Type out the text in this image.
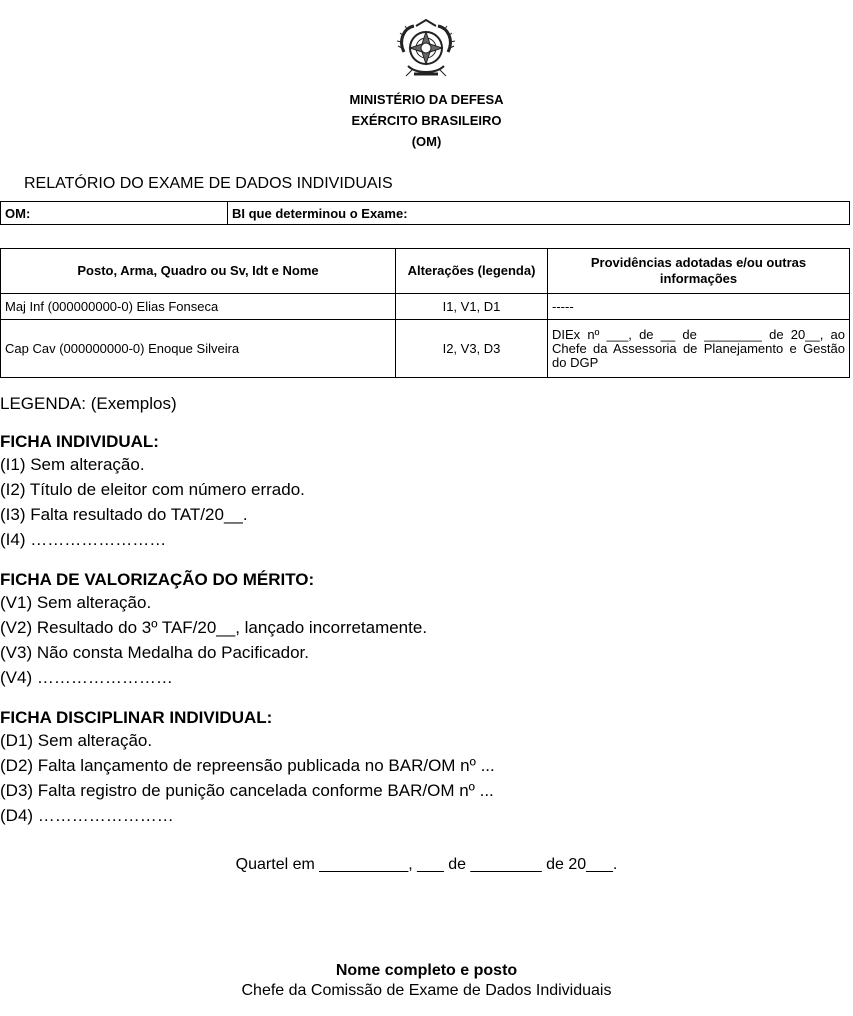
MINISTÉRIO DA DEFESA
EXÉRCITO BRASILEIRO
(OM)
RELATÓRIO DO EXAME DE DADOS INDIVIDUAIS
OM:	BI que determinou o Exame:
Posto, Arma, Quadro ou Sv, Idt e Nome	Alterações (legenda)	Providências adotadas e/ou outras informações
Maj Inf (000000000-0) Elias Fonseca	I1, V1, D1	-----
Cap Cav (000000000-0) Enoque Silveira	I2, V3, D3	DIEx nº ___, de __ de ________ de 20__, ao Chefe da Assessoria de Planejamento e Gestão do DGP
LEGENDA: (Exemplos)
FICHA INDIVIDUAL:
(I1) Sem alteração.
(I2) Título de eleitor com número errado.
(I3) Falta resultado do TAT/20__.
(I4) ……………………
FICHA DE VALORIZAÇÃO DO MÉRITO:
(V1) Sem alteração.
(V2) Resultado do 3º TAF/20__, lançado incorretamente.
(V3) Não consta Medalha do Pacificador.
(V4) ……………………
FICHA DISCIPLINAR INDIVIDUAL:
(D1) Sem alteração.
(D2) Falta lançamento de repreensão publicada no BAR/OM nº ...
(D3) Falta registro de punição cancelada conforme BAR/OM nº ...
(D4) ……………………
Quartel em __________, ___ de ________ de 20___.
Nome completo e posto
Chefe da Comissão de Exame de Dados Individuais
